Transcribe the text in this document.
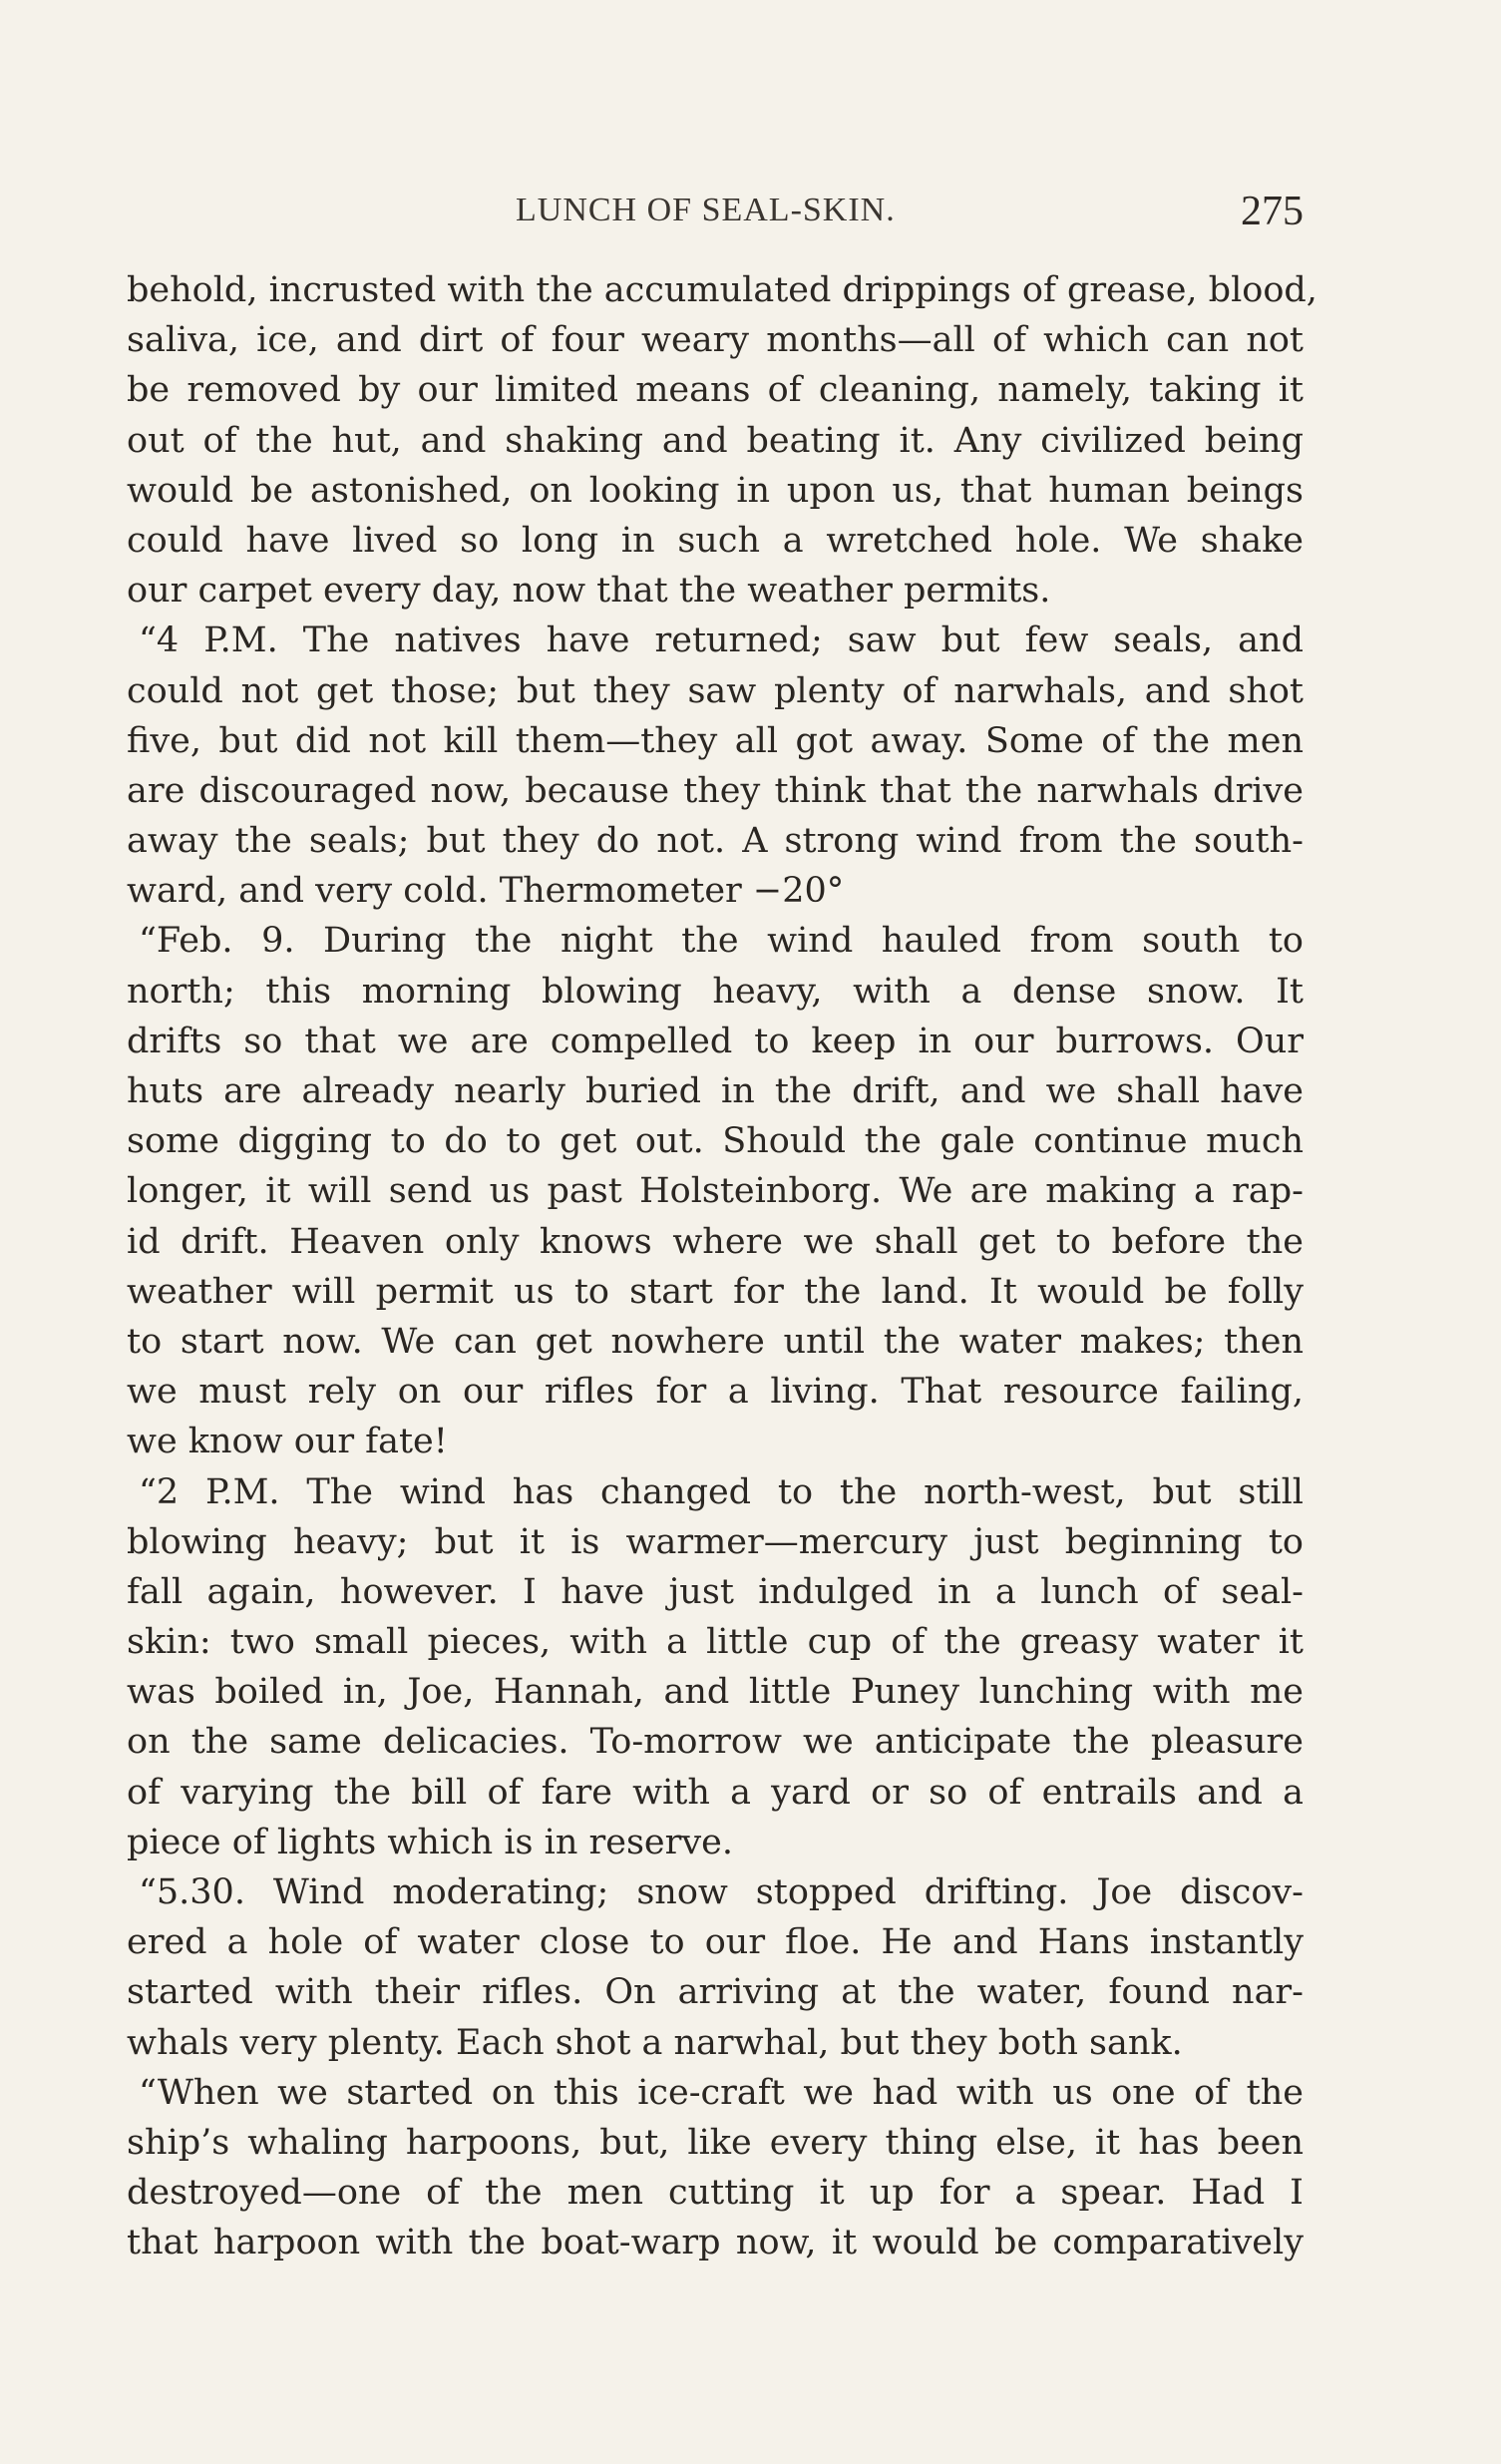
LUNCH OF SEAL-SKIN.	275
behold, incrusted with the accumulated drippings of grease, blood,
saliva, ice, and dirt of four weary months—all of which can not
be removed by our limited means of cleaning, namely, taking it
out of the hut, and shaking and beating it. Any civilized being
would be astonished, on looking in upon us, that human beings
could have lived so long in such a wretched hole. We shake
our carpet every day, now that the weather permits.
“4 P.M. The natives have returned; saw but few seals, and
could not get those; but they saw plenty of narwhals, and shot
five, but did not kill them—they all got away. Some of the men
are discouraged now, because they think that the narwhals drive
away the seals; but they do not. A strong wind from the south-
ward, and very cold. Thermometer −20°
“Feb. 9. During the night the wind hauled from south to
north; this morning blowing heavy, with a dense snow. It
drifts so that we are compelled to keep in our burrows. Our
huts are already nearly buried in the drift, and we shall have
some digging to do to get out. Should the gale continue much
longer, it will send us past Holsteinborg. We are making a rap-
id drift. Heaven only knows where we shall get to before the
weather will permit us to start for the land. It would be folly
to start now. We can get nowhere until the water makes; then
we must rely on our rifles for a living. That resource failing,
we know our fate!
“2 P.M. The wind has changed to the north-west, but still
blowing heavy; but it is warmer—mercury just beginning to
fall again, however. I have just indulged in a lunch of seal-
skin: two small pieces, with a little cup of the greasy water it
was boiled in, Joe, Hannah, and little Puney lunching with me
on the same delicacies. To-morrow we anticipate the pleasure
of varying the bill of fare with a yard or so of entrails and a
piece of lights which is in reserve.
“5.30. Wind moderating; snow stopped drifting. Joe discov-
ered a hole of water close to our floe. He and Hans instantly
started with their rifles. On arriving at the water, found nar-
whals very plenty. Each shot a narwhal, but they both sank.
“When we started on this ice-craft we had with us one of the
ship’s whaling harpoons, but, like every thing else, it has been
destroyed—one of the men cutting it up for a spear. Had I
that harpoon with the boat-warp now, it would be comparatively
